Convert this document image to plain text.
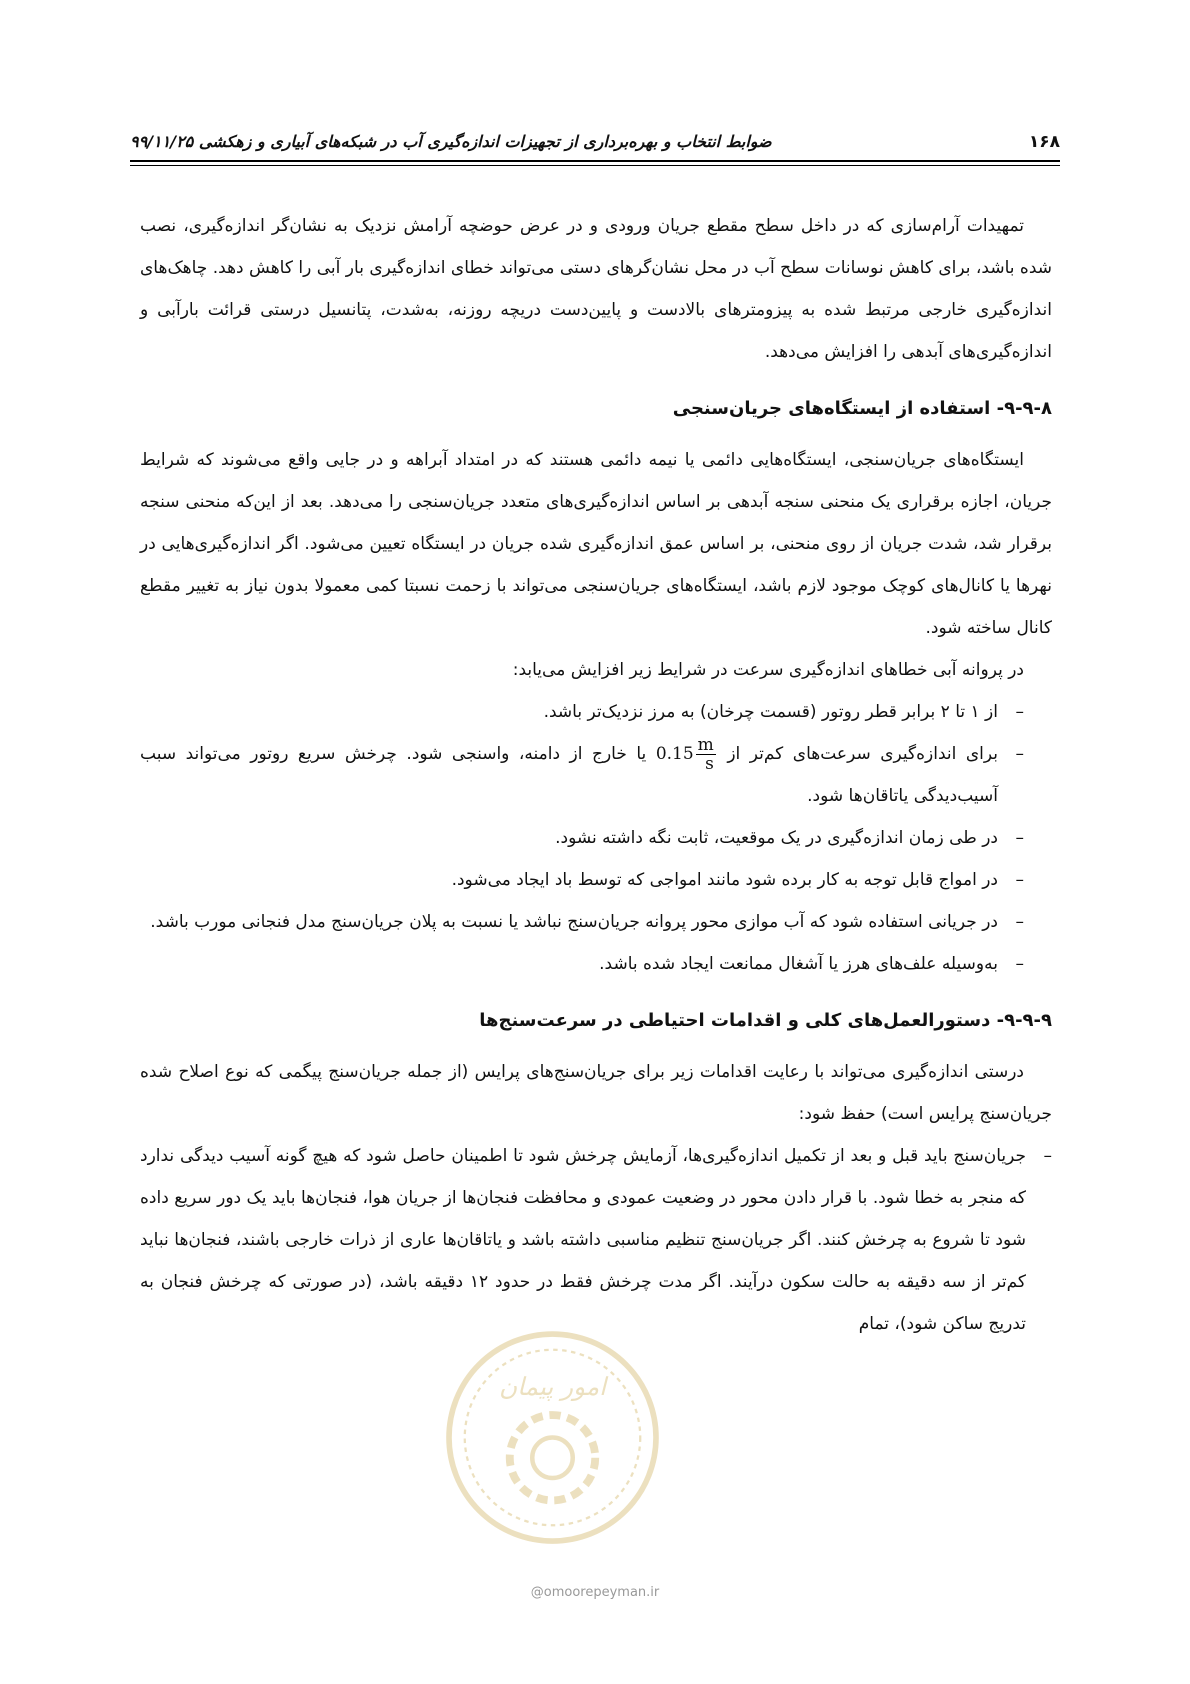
۱۶۸
ضوابط انتخاب و بهره‌برداری از تجهیزات اندازه‌گیری آب در شبکه‌های آبیاری و زهکشی ۹۹/۱۱/۲۵

تمهیدات آرام‌سازی که در داخل سطح مقطع جریان ورودی و در عرض حوضچه آرامش نزدیک به نشان‌گر اندازه‌گیری، نصب شده باشد، برای کاهش نوسانات سطح آب در محل نشان‌گرهای دستی می‌تواند خطای اندازه‌گیری بار آبی را کاهش دهد. چاهک‌های اندازه‌گیری خارجی مرتبط شده به پیزومترهای بالادست و پایین‌دست دریچه روزنه، به‌شدت، پتانسیل درستی قرائت بارآبی و اندازه‌گیری‌های آبدهی را افزایش می‌دهد.

۹-۹-۸- استفاده از ایستگاه‌های جریان‌سنجی

ایستگاه‌های جریان‌سنجی، ایستگاه‌هایی دائمی یا نیمه دائمی هستند که در امتداد آبراهه و در جایی واقع می‌شوند که شرایط جریان، اجازه برقراری یک منحنی سنجه آبدهی بر اساس اندازه‌گیری‌های متعدد جریان‌سنجی را می‌دهد. بعد از این‌که منحنی سنجه برقرار شد، شدت جریان از روی منحنی، بر اساس عمق اندازه‌گیری شده جریان در ایستگاه تعیین می‌شود. اگر اندازه‌گیری‌هایی در نهرها یا کانال‌های کوچک موجود لازم باشد، ایستگاه‌های جریان‌سنجی می‌تواند با زحمت نسبتا کمی معمولا بدون نیاز به تغییر مقطع کانال ساخته شود.

در پروانه آبی خطاهای اندازه‌گیری سرعت در شرایط زیر افزایش می‌یابد:

– از ۱ تا ۲ برابر قطر روتور (قسمت چرخان) به مرز نزدیک‌تر باشد.
– برای اندازه‌گیری سرعت‌های کم‌تر از $0.15 \frac{m}{s}$
یا خارج از دامنه، واسنجی شود. چرخش سریع روتور می‌تواند سبب آسیب‌دیدگی یاتاقان‌ها شود.
– در طی زمان اندازه‌گیری در یک موقعیت، ثابت نگه داشته نشود.
– در امواج قابل توجه به کار برده شود مانند امواجی که توسط باد ایجاد می‌شود.
– در جریانی استفاده شود که آب موازی محور پروانه جریان‌سنج نباشد یا نسبت به پلان جریان‌سنج مدل فنجانی مورب باشد.
– به‌وسیله علف‌های هرز یا آشغال ممانعت ایجاد شده باشد.
۹-۹-۹- دستورالعمل‌های کلی و اقدامات احتیاطی در سرعت‌سنج‌ها

درستی اندازه‌گیری می‌تواند با رعایت اقدامات زیر برای جریان‌سنج‌های پرایس (از جمله جریان‌سنج پیگمی که نوع اصلاح شده جریان‌سنج پرایس است) حفظ شود:

– جریان‌سنج باید قبل و بعد از تکمیل اندازه‌گیری‌ها، آزمایش چرخش شود تا اطمینان حاصل شود که هیچ گونه آسیب دیدگی ندارد که منجر به خطا شود. با قرار دادن محور در وضعیت عمودی و محافظت فنجان‌ها از جریان هوا، فنجان‌ها باید یک دور سریع داده شود تا شروع به چرخش کنند. اگر جریان‌سنج تنظیم مناسبی داشته باشد و یاتاقان‌ها عاری از ذرات خارجی باشند، فنجان‌ها نباید کم‌تر از سه دقیقه به حالت سکون درآیند. اگر مدت چرخش فقط در حدود ۱۲ دقیقه باشد، (در صورتی که چرخش فنجان به تدریج ساکن شود)، تمام
امور پیمان
@omoorepeyman.ir
